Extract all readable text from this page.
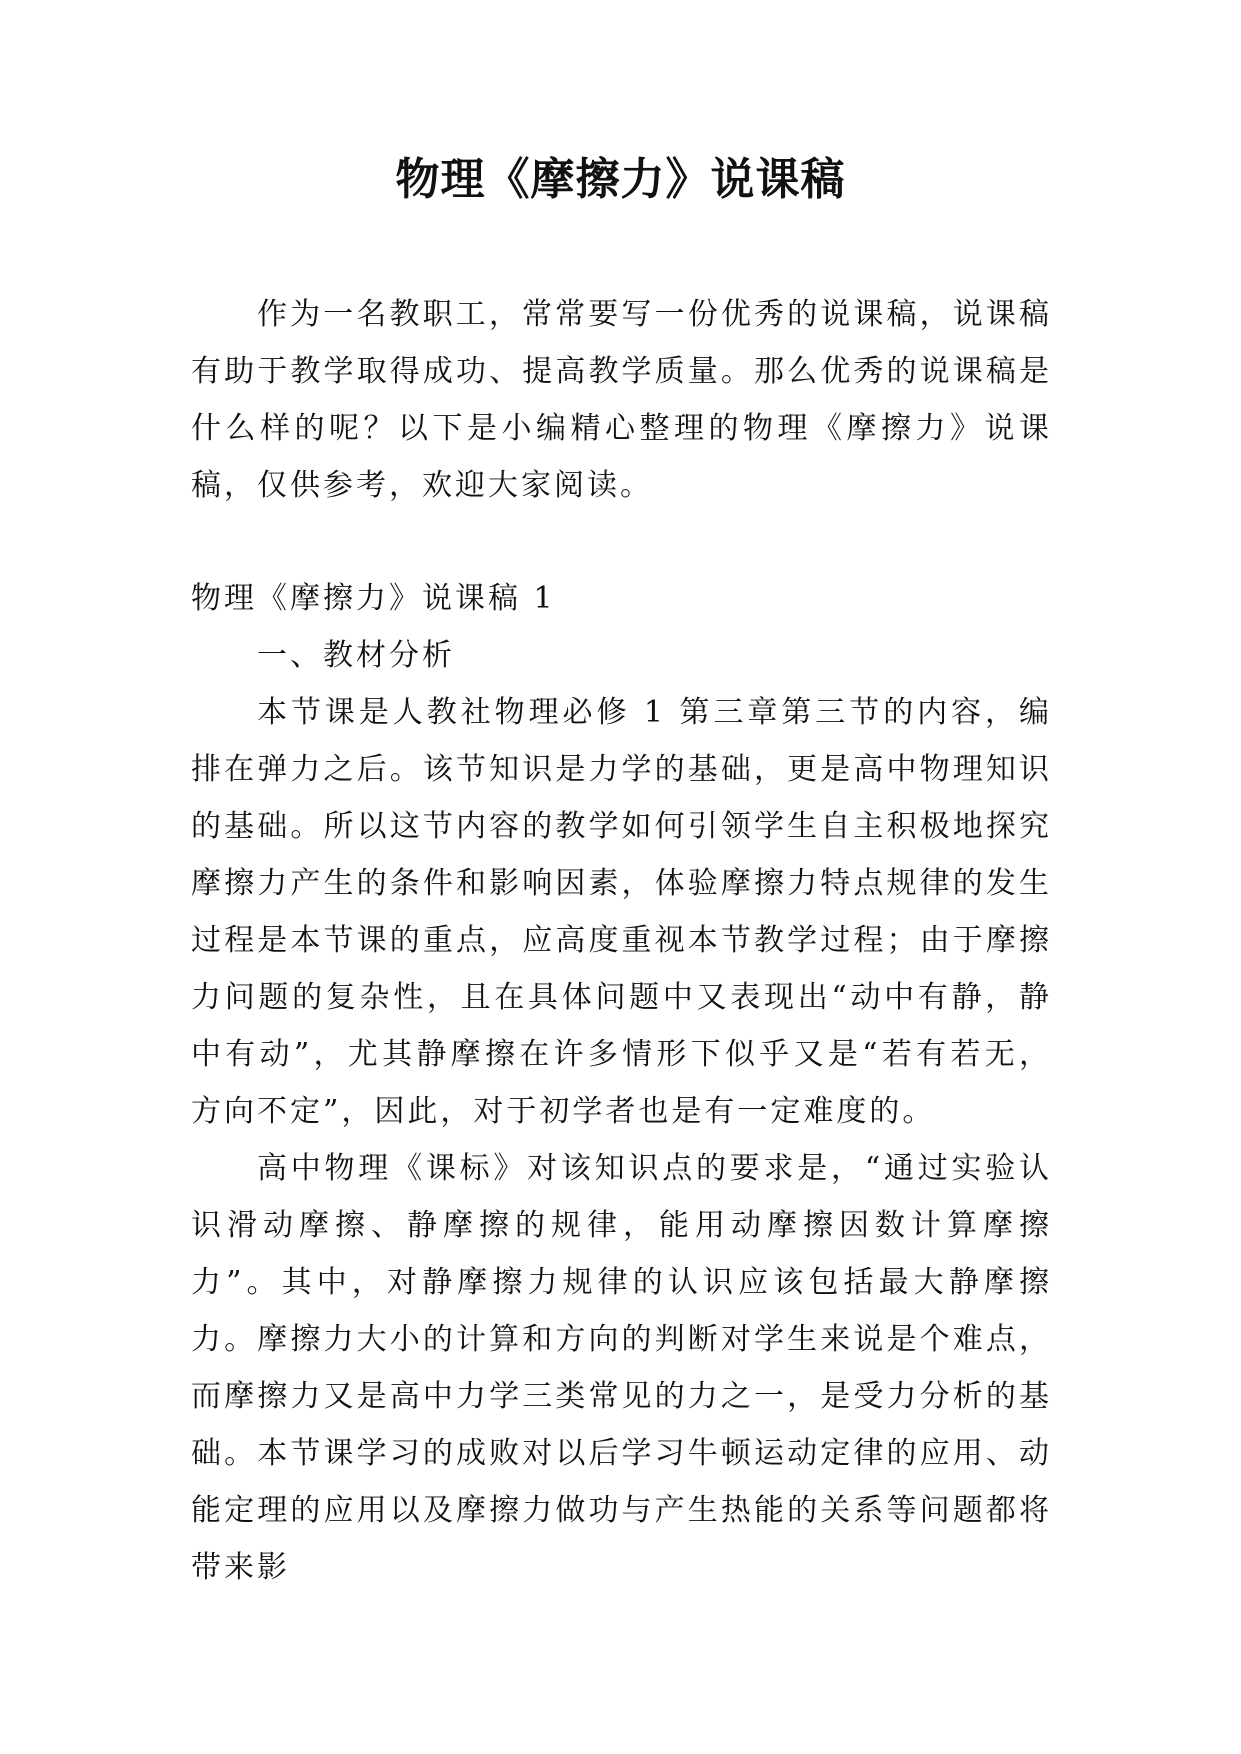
物理《摩擦力》说课稿

作为一名教职工，常常要写一份优秀的说课稿，说课稿有助于教学取得成功、提高教学质量。那么优秀的说课稿是什么样的呢？以下是小编精心整理的物理《摩擦力》说课稿，仅供参考，欢迎大家阅读。

物理《摩擦力》说课稿 1

一、教材分析

本节课是人教社物理必修 1 第三章第三节的内容，编排在弹力之后。该节知识是力学的基础，更是高中物理知识的基础。所以这节内容的教学如何引领学生自主积极地探究摩擦力产生的条件和影响因素，体验摩擦力特点规律的发生过程是本节课的重点，应高度重视本节教学过程；由于摩擦力问题的复杂性，且在具体问题中又表现出“动中有静，静中有动”，尤其静摩擦在许多情形下似乎又是“若有若无，方向不定”，因此，对于初学者也是有一定难度的。

高中物理《课标》对该知识点的要求是，“通过实验认识滑动摩擦、静摩擦的规律，能用动摩擦因数计算摩擦力”。其中，对静摩擦力规律的认识应该包括最大静摩擦力。摩擦力大小的计算和方向的判断对学生来说是个难点，而摩擦力又是高中力学三类常见的力之一，是受力分析的基础。本节课学习的成败对以后学习牛顿运动定律的应用、动能定理的应用以及摩擦力做功与产生热能的关系等问题都将带来影
